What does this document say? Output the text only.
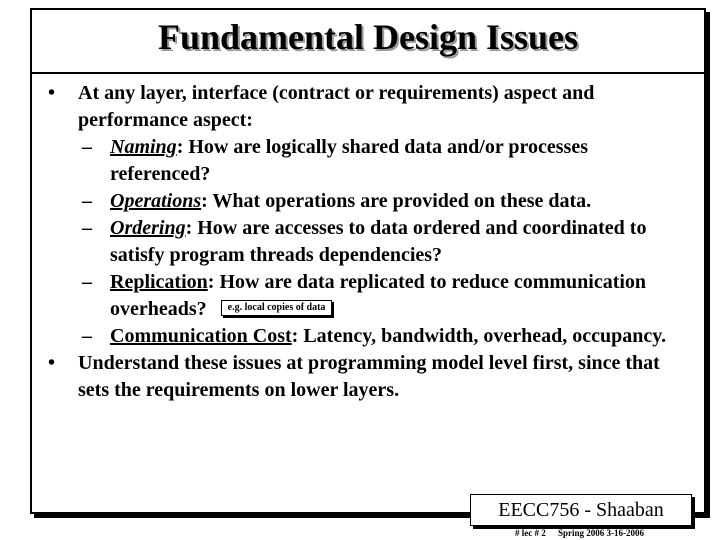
Fundamental Design Issues
• At any layer, interface (contract or requirements) aspect and performance aspect:
– Naming: How are logically shared data and/or processes referenced?
– Operations: What operations are provided on these data.
– Ordering: How are accesses to data ordered and coordinated to satisfy program threads dependencies?
– Replication: How are data replicated to reduce communication overheads? e.g. local copies of data
– Communication Cost: Latency, bandwidth, overhead, occupancy.
• Understand these issues at programming model level first, since that sets the requirements on lower layers.
EECC756 - Shaaban
# lec # 2 Spring 2006 3-16-2006
